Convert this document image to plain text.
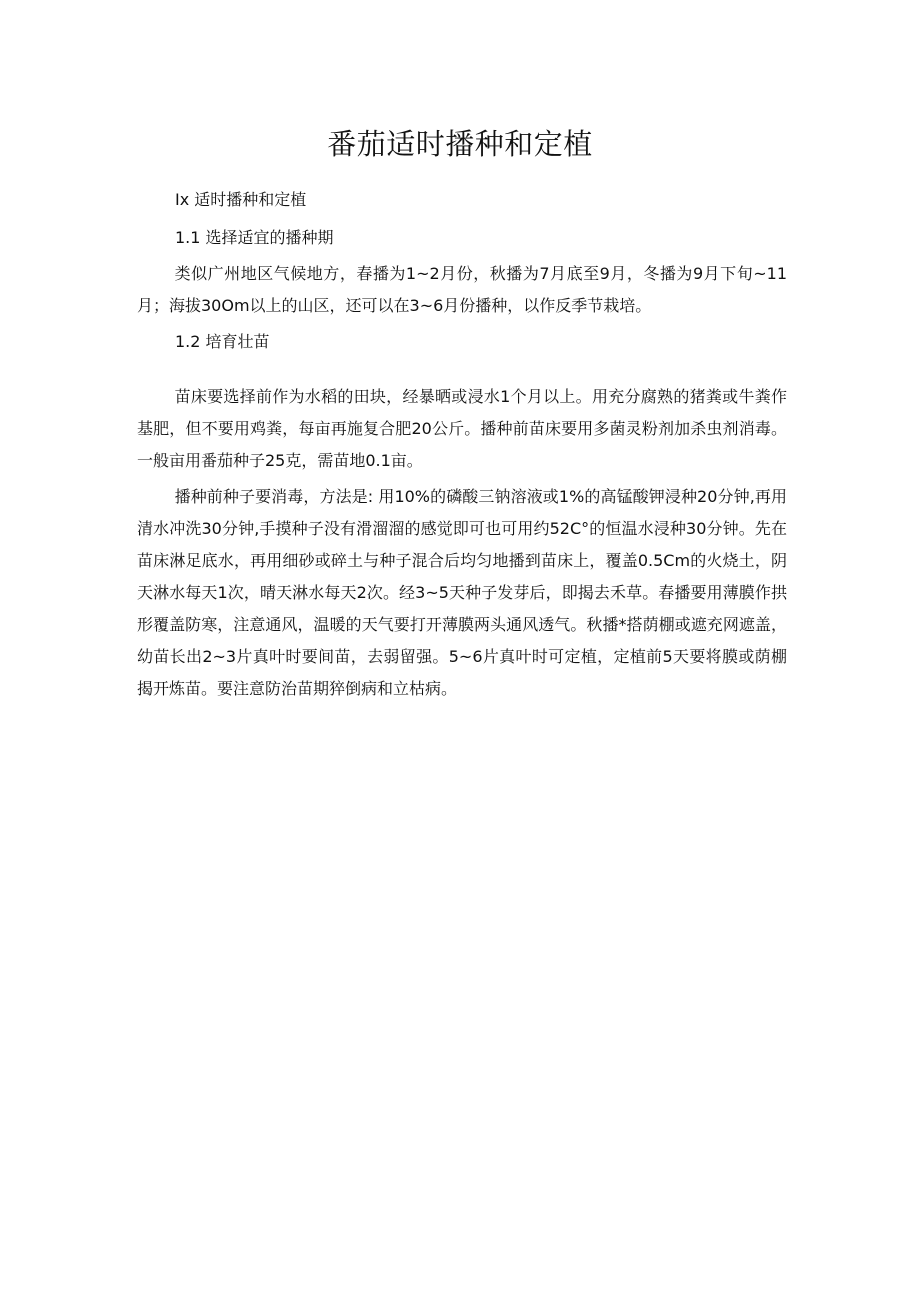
番茄适时播种和定植

Ix 适时播种和定植

1.1 选择适宜的播种期

类似广州地区气候地方，春播为1~2月份，秋播为7月底至9月，冬播为9月下旬~11月；海拔30Om以上的山区，还可以在3~6月份播种，以作反季节栽培。

1.2 培育壮苗

苗床要选择前作为水稻的田块，经暴晒或浸水1个月以上。用充分腐熟的猪粪或牛粪作基肥，但不要用鸡粪，每亩再施复合肥20公斤。播种前苗床要用多菌灵粉剂加杀虫剂消毒。一般亩用番茄种子25克，需苗地0.1亩。

播种前种子要消毒，方法是: 用10%的磷酸三钠溶液或1%的高锰酸钾浸种20分钟,再用清水冲洗30分钟,手摸种子没有滑溜溜的感觉即可也可用约52C°的恒温水浸种30分钟。先在苗床淋足底水，再用细砂或碎土与种子混合后均匀地播到苗床上，覆盖0.5Cm的火烧土，阴天淋水每天1次，晴天淋水每天2次。经3~5天种子发芽后，即揭去禾草。春播要用薄膜作拱形覆盖防寒，注意通风，温暖的天气要打开薄膜两头通风透气。秋播*搭荫棚或遮充网遮盖，幼苗长出2~3片真叶时要间苗，去弱留强。5~6片真叶时可定植，定植前5天要将膜或荫棚揭开炼苗。要注意防治苗期猝倒病和立枯病。
